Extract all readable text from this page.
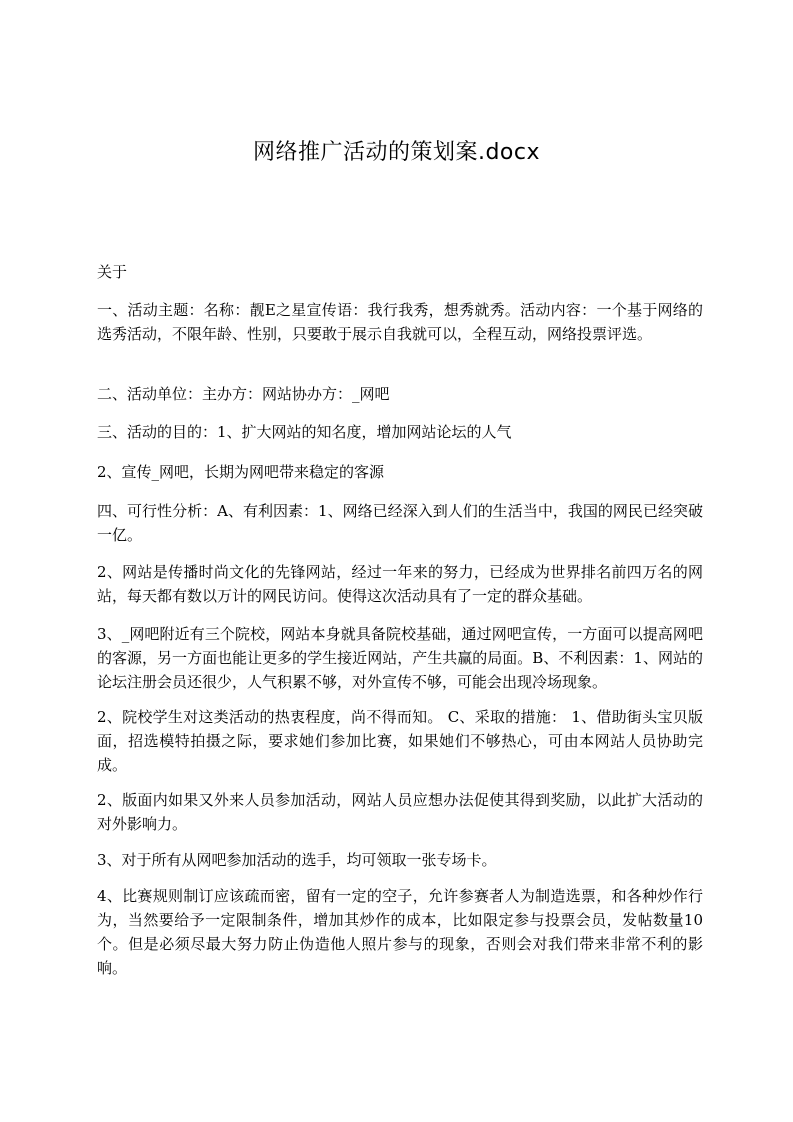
网络推广活动的策划案.docx

关于

一、活动主题：名称：靓E之星宣传语：我行我秀，想秀就秀。活动内容：一个基于网络的选秀活动，不限年龄、性别，只要敢于展示自我就可以，全程互动，网络投票评选。

二、活动单位：主办方：网站协办方：_网吧

三、活动的目的：1、扩大网站的知名度，增加网站论坛的人气

2、宣传_网吧，长期为网吧带来稳定的客源

四、可行性分析：A、有利因素：1、网络已经深入到人们的生活当中，我国的网民已经突破一亿。

2、网站是传播时尚文化的先锋网站，经过一年来的努力，已经成为世界排名前四万名的网站，每天都有数以万计的网民访问。使得这次活动具有了一定的群众基础。

3、_网吧附近有三个院校，网站本身就具备院校基础，通过网吧宣传，一方面可以提高网吧的客源，另一方面也能让更多的学生接近网站，产生共赢的局面。B、不利因素：1、网站的论坛注册会员还很少，人气积累不够，对外宣传不够，可能会出现冷场现象。

2、院校学生对这类活动的热衷程度，尚不得而知。 C、采取的措施： 1、借助街头宝贝版面，招选模特拍摄之际，要求她们参加比赛，如果她们不够热心，可由本网站人员协助完成。

2、版面内如果又外来人员参加活动，网站人员应想办法促使其得到奖励，以此扩大活动的对外影响力。

3、对于所有从网吧参加活动的选手，均可领取一张专场卡。

4、比赛规则制订应该疏而密，留有一定的空子，允许参赛者人为制造选票，和各种炒作行为，当然要给予一定限制条件，增加其炒作的成本，比如限定参与投票会员，发帖数量10个。但是必须尽最大努力防止伪造他人照片参与的现象，否则会对我们带来非常不利的影响。
